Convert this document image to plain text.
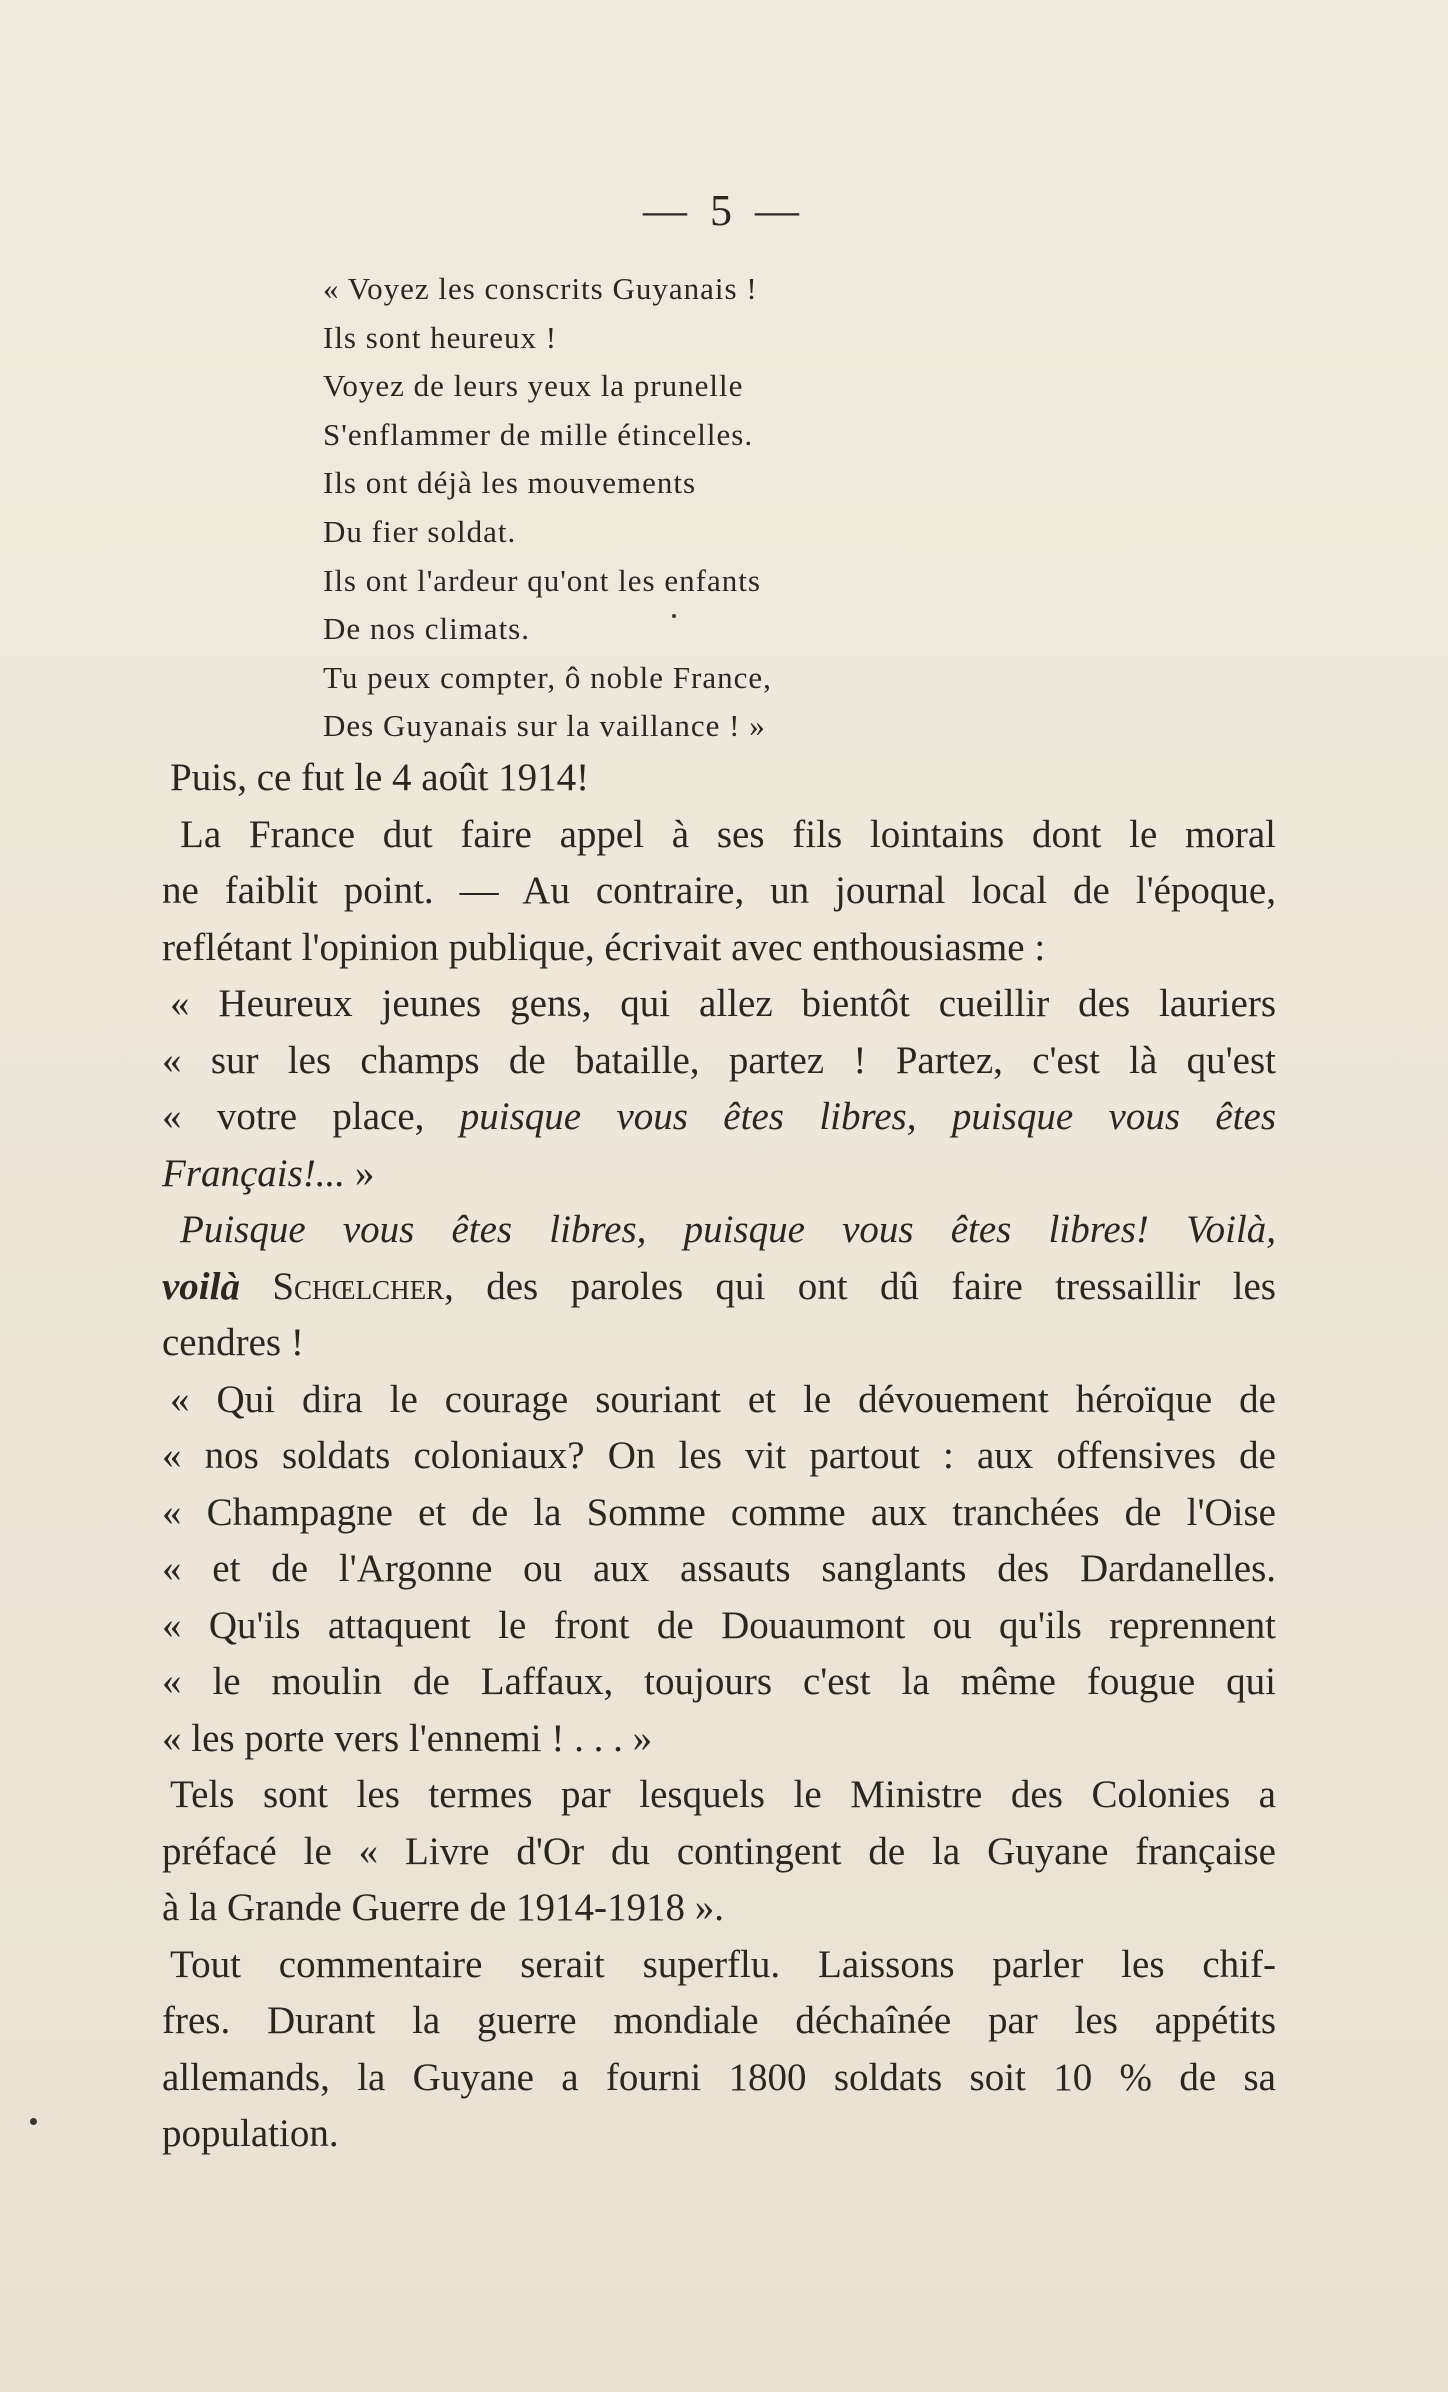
— 5 —
« Voyez les conscrits Guyanais !
Ils sont heureux !
Voyez de leurs yeux la prunelle
S'enflammer de mille étincelles.
Ils ont déjà les mouvements
Du fier soldat.
Ils ont l'ardeur qu'ont les enfants
De nos climats.
Tu peux compter, ô noble France,
Des Guyanais sur la vaillance ! »
Puis, ce fut le 4 août 1914!
La France dut faire appel à ses fils lointains dont le moral
ne faiblit point. — Au contraire, un journal local de l'époque,
reflétant l'opinion publique, écrivait avec enthousiasme :
« Heureux jeunes gens, qui allez bientôt cueillir des lauriers
« sur les champs de bataille, partez ! Partez, c'est là qu'est
« votre place, puisque vous êtes libres, puisque vous êtes
Français!... »
Puisque vous êtes libres, puisque vous êtes libres! Voilà,
voilà Schœlcher, des paroles qui ont dû faire tressaillir les
cendres !
« Qui dira le courage souriant et le dévouement héroïque de
« nos soldats coloniaux? On les vit partout : aux offensives de
« Champagne et de la Somme comme aux tranchées de l'Oise
« et de l'Argonne ou aux assauts sanglants des Dardanelles.
« Qu'ils attaquent le front de Douaumont ou qu'ils reprennent
« le moulin de Laffaux, toujours c'est la même fougue qui
« les porte vers l'ennemi ! . . . »
Tels sont les termes par lesquels le Ministre des Colonies a
préfacé le « Livre d'Or du contingent de la Guyane française
à la Grande Guerre de 1914-1918 ».
Tout commentaire serait superflu. Laissons parler les chif-
fres. Durant la guerre mondiale déchaînée par les appétits
allemands, la Guyane a fourni 1800 soldats soit 10 % de sa
population.
